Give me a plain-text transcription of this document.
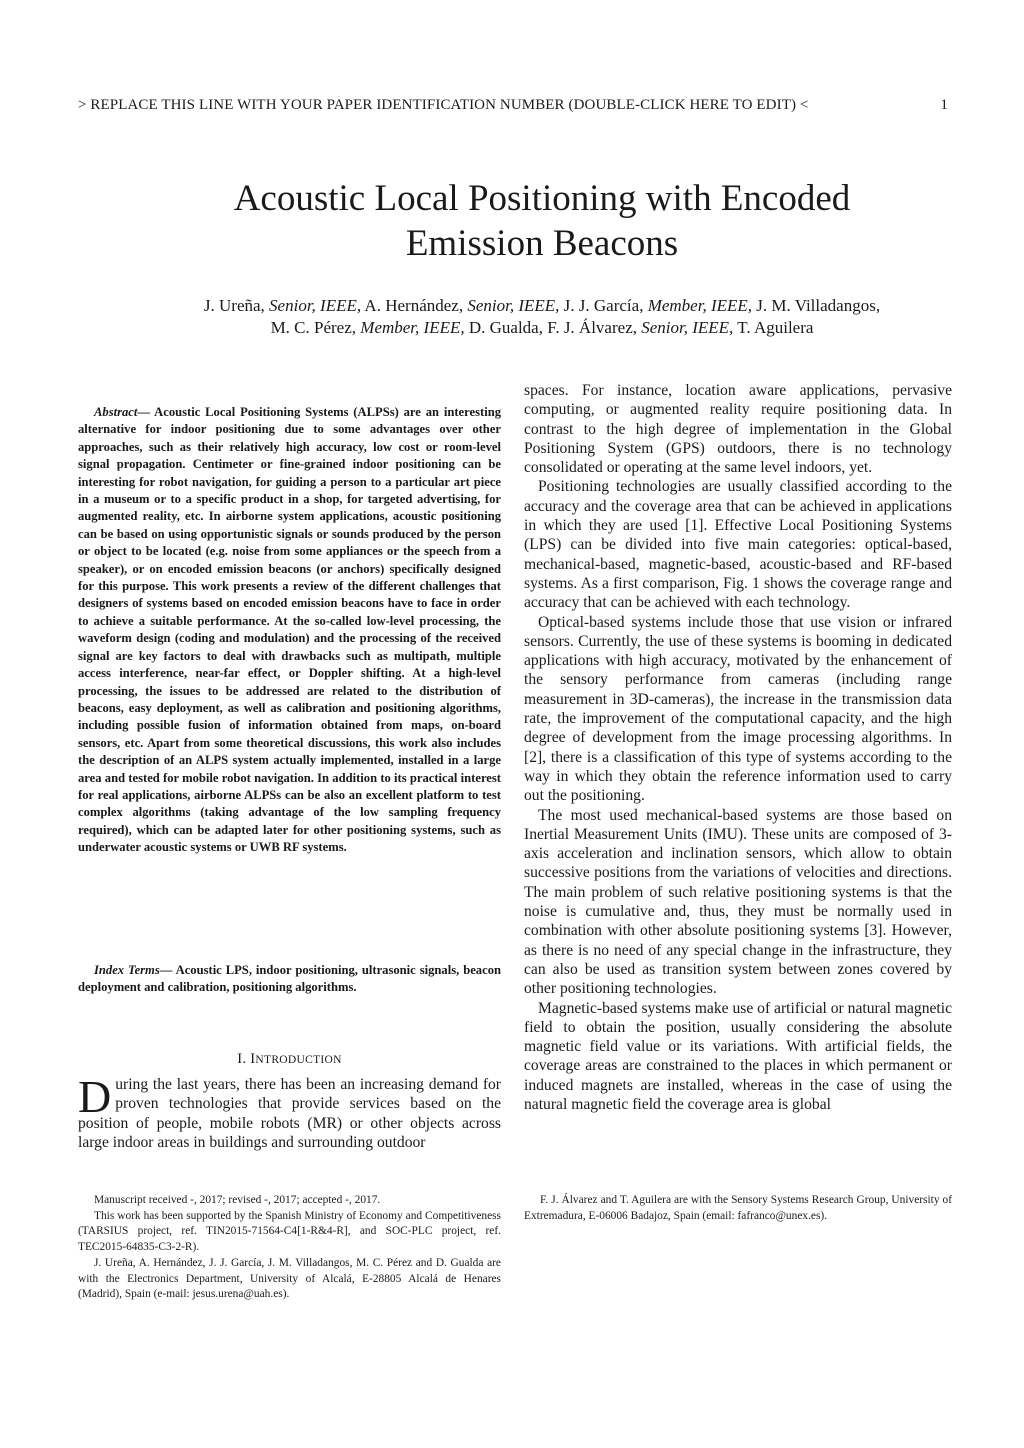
> REPLACE THIS LINE WITH YOUR PAPER IDENTIFICATION NUMBER (DOUBLE-CLICK HERE TO EDIT) <	1
Acoustic Local Positioning with Encoded
Emission Beacons
J. Ureña, Senior, IEEE, A. Hernández, Senior, IEEE, J. J. García, Member, IEEE, J. M. Villadangos,
M. C. Pérez, Member, IEEE, D. Gualda, F. J. Álvarez, Senior, IEEE, T. Aguilera

Abstract— Acoustic Local Positioning Systems (ALPSs) are an interesting alternative for indoor positioning due to some advantages over other approaches, such as their relatively high accuracy, low cost or room-level signal propagation. Centimeter or fine-grained indoor positioning can be interesting for robot navigation, for guiding a person to a particular art piece in a museum or to a specific product in a shop, for targeted advertising, for augmented reality, etc. In airborne system applications, acoustic positioning can be based on using opportunistic signals or sounds produced by the person or object to be located (e.g. noise from some appliances or the speech from a speaker), or on encoded emission beacons (or anchors) specifically designed for this purpose. This work presents a review of the different challenges that designers of systems based on encoded emission beacons have to face in order to achieve a suitable performance. At the so-called low-level processing, the waveform design (coding and modulation) and the processing of the received signal are key factors to deal with drawbacks such as multipath, multiple access interference, near-far effect, or Doppler shifting. At a high-level processing, the issues to be addressed are related to the distribution of beacons, easy deployment, as well as calibration and positioning algorithms, including possible fusion of information obtained from maps, on-board sensors, etc. Apart from some theoretical discussions, this work also includes the description of an ALPS system actually implemented, installed in a large area and tested for mobile robot navigation. In addition to its practical interest for real applications, airborne ALPSs can be also an excellent platform to test complex algorithms (taking advantage of the low sampling frequency required), which can be adapted later for other positioning systems, such as underwater acoustic systems or UWB RF systems.

Index Terms— Acoustic LPS, indoor positioning, ultrasonic signals, beacon deployment and calibration, positioning algorithms.

I. INTRODUCTION

During the last years, there has been an increasing demand for proven technologies that provide services based on the position of people, mobile robots (MR) or other objects across large indoor areas in buildings and surrounding outdoor

spaces. For instance, location aware applications, pervasive computing, or augmented reality require positioning data. In contrast to the high degree of implementation in the Global Positioning System (GPS) outdoors, there is no technology consolidated or operating at the same level indoors, yet.

Positioning technologies are usually classified according to the accuracy and the coverage area that can be achieved in applications in which they are used [1]. Effective Local Positioning Systems (LPS) can be divided into five main categories: optical-based, mechanical-based, magnetic-based, acoustic-based and RF-based systems. As a first comparison, Fig. 1 shows the coverage range and accuracy that can be achieved with each technology.

Optical-based systems include those that use vision or infrared sensors. Currently, the use of these systems is booming in dedicated applications with high accuracy, motivated by the enhancement of the sensory performance from cameras (including range measurement in 3D-cameras), the increase in the transmission data rate, the improvement of the computational capacity, and the high degree of development from the image processing algorithms. In [2], there is a classification of this type of systems according to the way in which they obtain the reference information used to carry out the positioning.

The most used mechanical-based systems are those based on Inertial Measurement Units (IMU). These units are composed of 3-axis acceleration and inclination sensors, which allow to obtain successive positions from the variations of velocities and directions. The main problem of such relative positioning systems is that the noise is cumulative and, thus, they must be normally used in combination with other absolute positioning systems [3]. However, as there is no need of any special change in the infrastructure, they can also be used as transition system between zones covered by other positioning technologies.

Magnetic-based systems make use of artificial or natural magnetic field to obtain the position, usually considering the absolute magnetic field value or its variations. With artificial fields, the coverage areas are constrained to the places in which permanent or induced magnets are installed, whereas in the case of using the natural magnetic field the coverage area is global

Manuscript received -, 2017; revised -, 2017; accepted -, 2017.

This work has been supported by the Spanish Ministry of Economy and Competitiveness (TARSIUS project, ref. TIN2015-71564-C4[1-R&4-R], and SOC-PLC project, ref. TEC2015-64835-C3-2-R).

J. Ureña, A. Hernández, J. J. García, J. M. Villadangos, M. C. Pérez and D. Gualda are with the Electronics Department, University of Alcalá, E-28805 Alcalá de Henares (Madrid), Spain (e-mail: jesus.urena@uah.es).

F. J. Álvarez and T. Aguilera are with the Sensory Systems Research Group, University of Extremadura, E-06006 Badajoz, Spain (email: fafranco@unex.es).
